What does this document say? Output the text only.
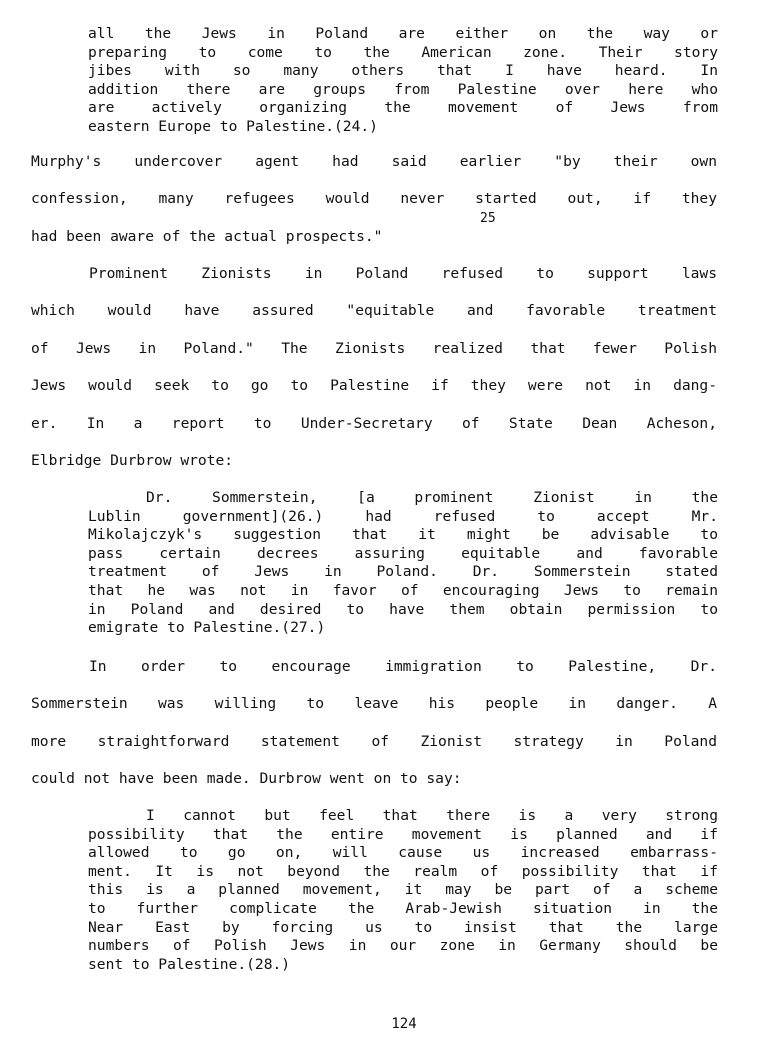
all the Jews in Poland are either on the way or
preparing to come to the American zone. Their story
jibes with so many others that I have heard. In
addition there are groups from Palestine over here who
are actively organizing the movement of Jews from
eastern Europe to Palestine.(24.)
Murphy's undercover agent had said earlier "by their own
confession, many refugees would never started out, if they
had been aware of the actual prospects."
25
Prominent Zionists in Poland refused to support laws
which would have assured "equitable and favorable treatment
of Jews in Poland." The Zionists realized that fewer Polish
Jews would seek to go to Palestine if they were not in dang-
er. In a report to Under-Secretary of State Dean Acheson,
Elbridge Durbrow wrote:
Dr. Sommerstein, [a prominent Zionist in the
Lublin government](26.) had refused to accept Mr.
Mikolajczyk's suggestion that it might be advisable to
pass certain decrees assuring equitable and favorable
treatment of Jews in Poland. Dr. Sommerstein stated
that he was not in favor of encouraging Jews to remain
in Poland and desired to have them obtain permission to
emigrate to Palestine.(27.)
In order to encourage immigration to Palestine, Dr.
Sommerstein was willing to leave his people in danger. A
more straightforward statement of Zionist strategy in Poland
could not have been made. Durbrow went on to say:
I cannot but feel that there is a very strong
possibility that the entire movement is planned and if
allowed to go on, will cause us increased embarrass-
ment. It is not beyond the realm of possibility that if
this is a planned movement, it may be part of a scheme
to further complicate the Arab-Jewish situation in the
Near East by forcing us to insist that the large
numbers of Polish Jews in our zone in Germany should be
sent to Palestine.(28.)
124
